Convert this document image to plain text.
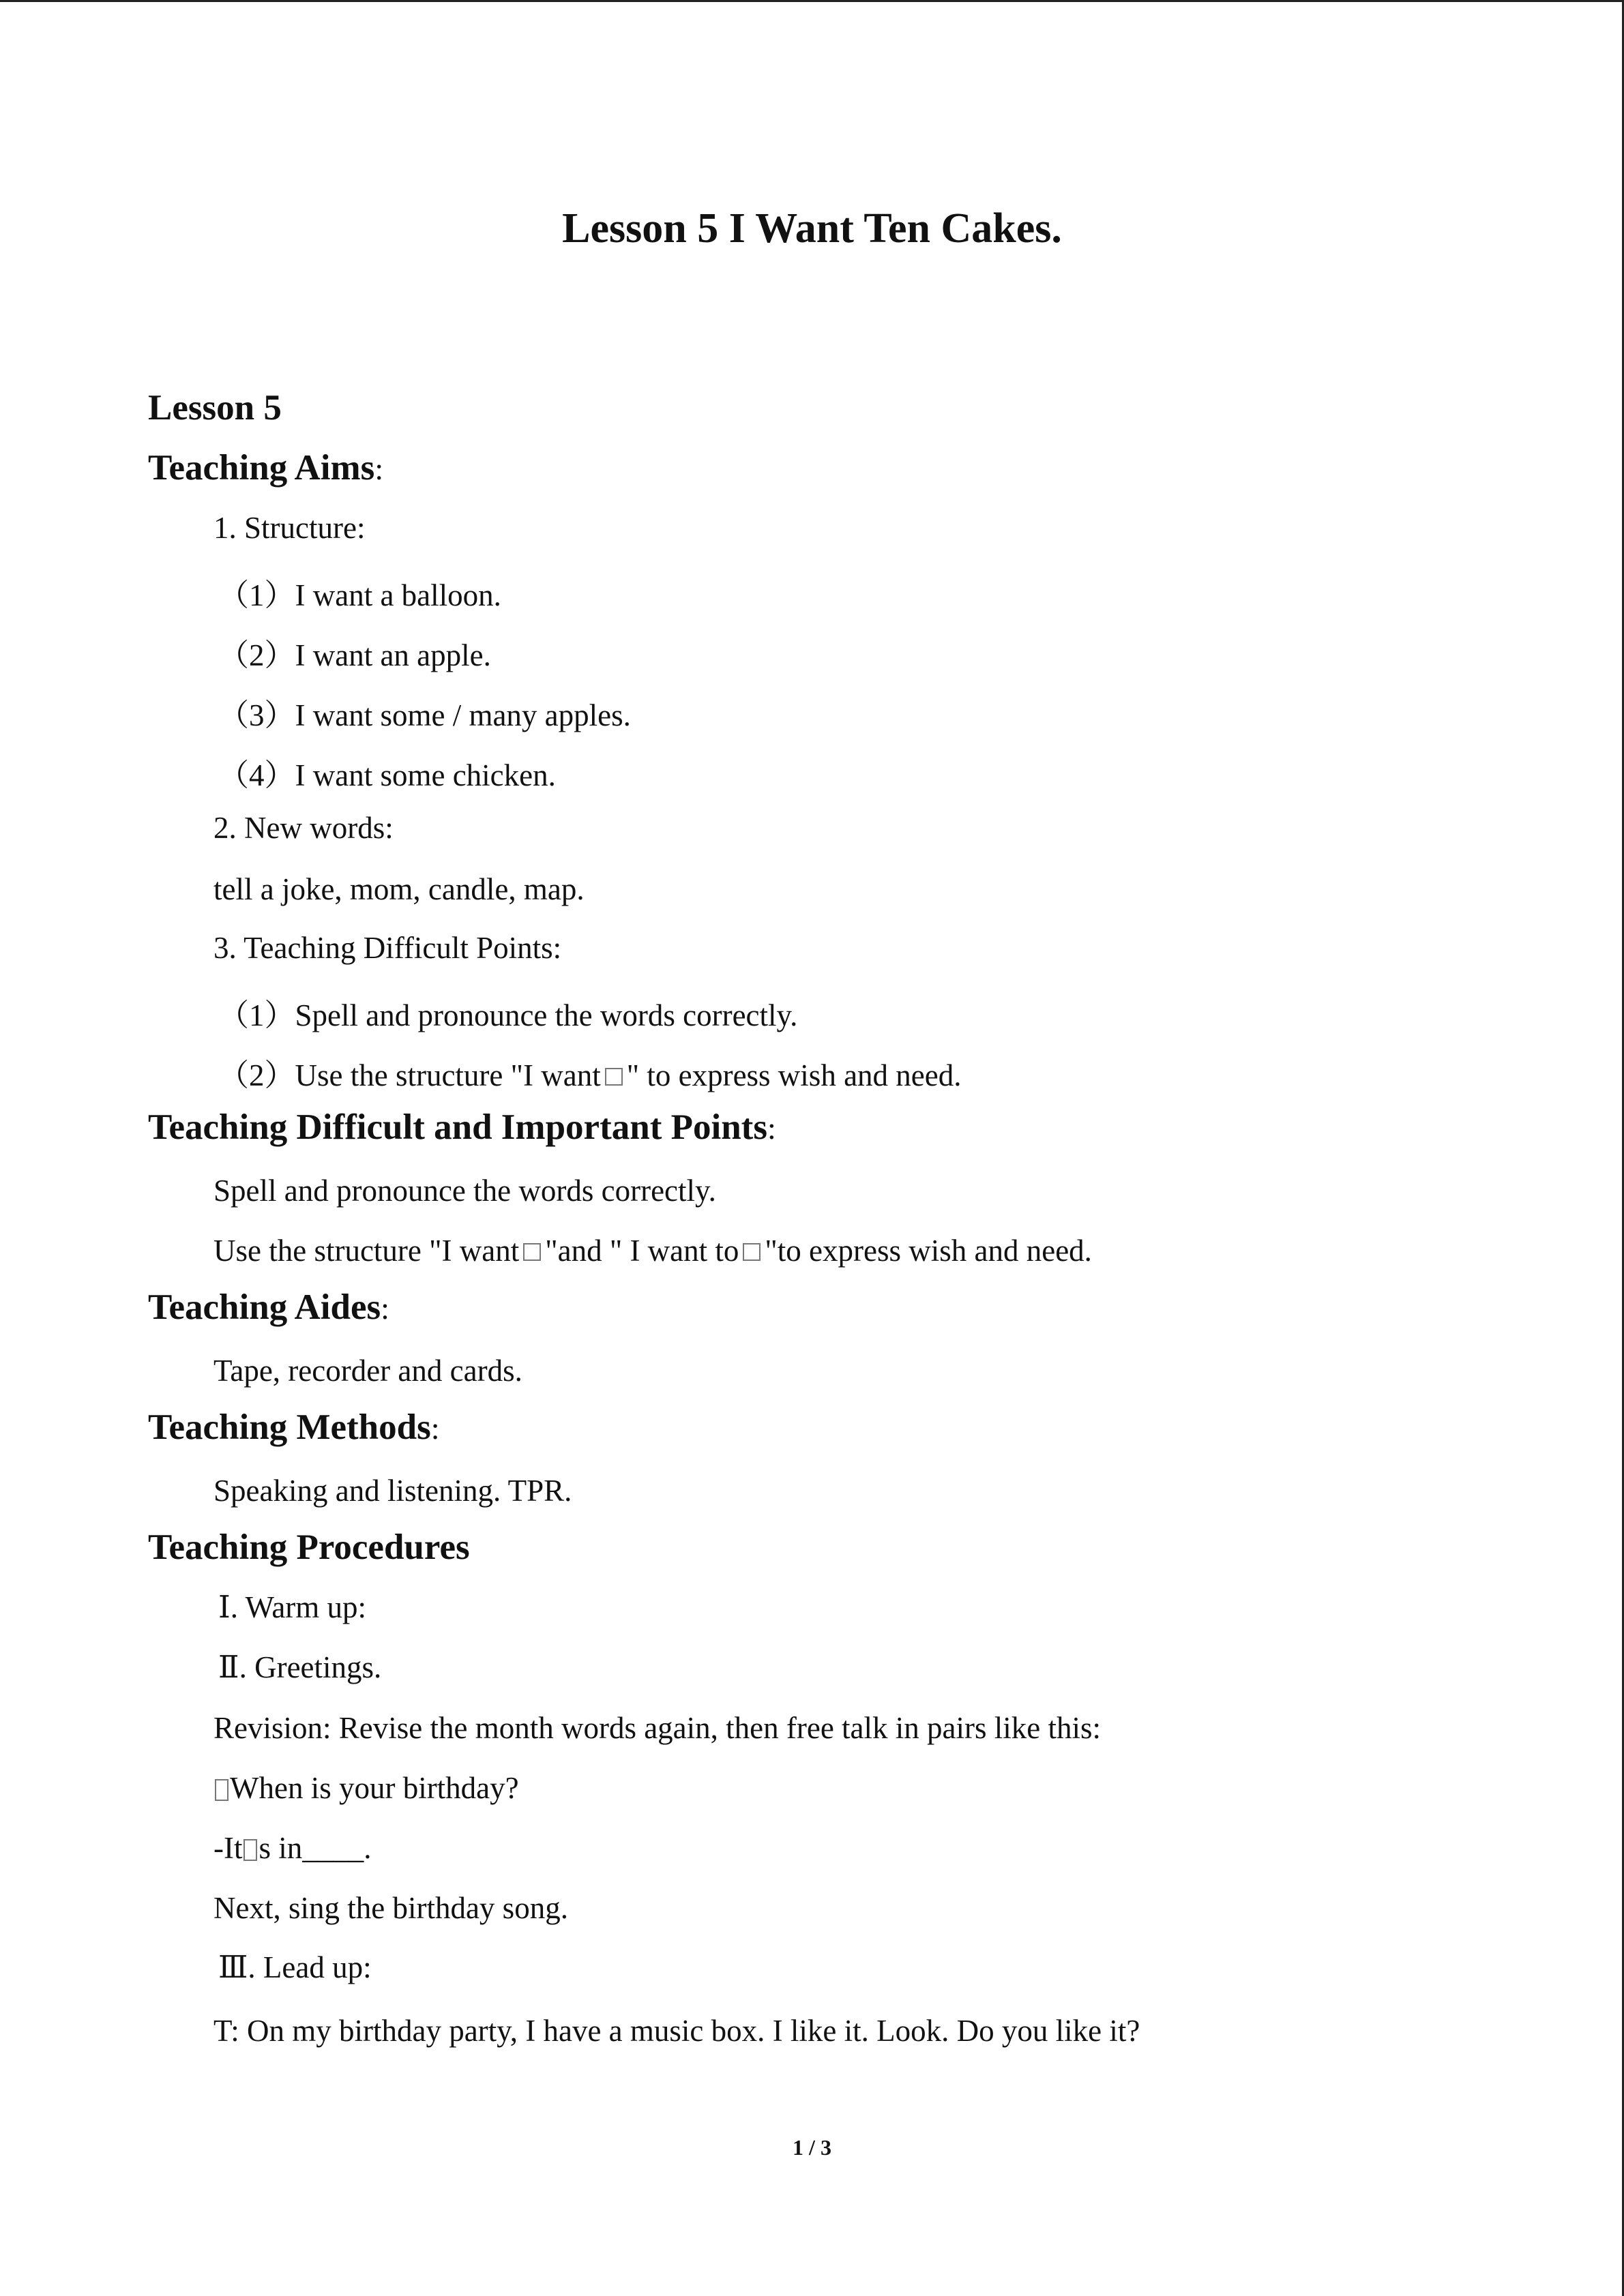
Lesson 5 I Want Ten Cakes.
Lesson 5
Teaching Aims:
1. Structure:
（1）I want a balloon.
（2）I want an apple.
（3）I want some / many apples.
（4）I want some chicken.
2. New words:
tell a joke, mom, candle, map.
3. Teaching Difficult Points:
（1）Spell and pronounce the words correctly.
（2）Use the structure "I want " to express wish and need.
Teaching Difficult and Important Points:
Spell and pronounce the words correctly.
Use the structure "I want "and " I want to "to express wish and need.
Teaching Aides:
Tape, recorder and cards.
Teaching Methods:
Speaking and listening. TPR.
Teaching Procedures
Ⅰ. Warm up:
Ⅱ. Greetings.
Revision: Revise the month words again, then free talk in pairs like this:
When is your birthday?
-It s in____.
Next, sing the birthday song.
Ⅲ. Lead up:
T: On my birthday party, I have a music box. I like it. Look. Do you like it?
1 / 3
